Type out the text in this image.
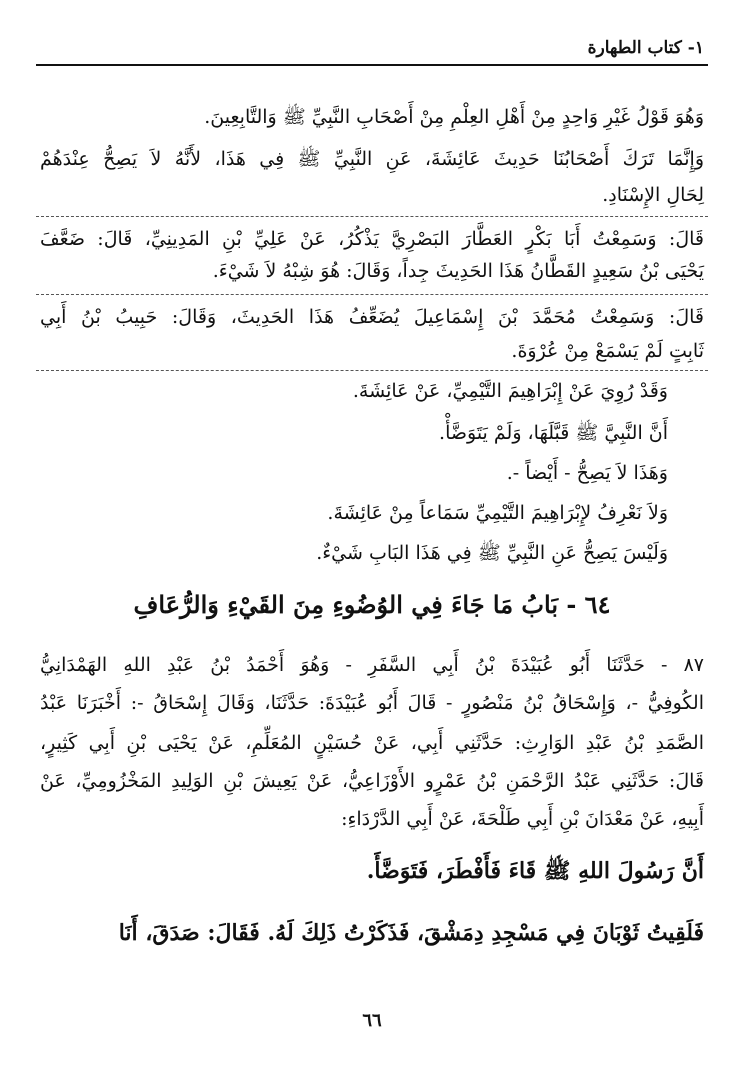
١- كتاب الطهارة
وَهُوَ قَوْلُ غَيْرِ وَاحِدٍ مِنْ أَهْلِ العِلْمِ مِنْ أَصْحَابِ النَّبِيِّ ﷺ وَالتَّابِعِينَ.
وَإِنَّمَا تَرَكَ أَصْحَابُنَا حَدِيثَ عَائِشَةَ، عَنِ النَّبِيِّ ﷺ فِي هَذَا، لأَنَّهُ لاَ يَصِحُّ عِنْدَهُمْ
لِحَالِ الإِسْنَادِ.
قَالَ: وَسَمِعْتُ أَبَا بَكْرٍ العَطَّارَ البَصْرِيَّ يَذْكُرُ، عَنْ عَلِيِّ بْنِ المَدِينِيِّ، قَالَ: ضَعَّفَ
يَحْيَى بْنُ سَعِيدٍ القَطَّانُ هَذَا الحَدِيثَ جِداً، وَقَالَ: هُوَ شِبْهُ لاَ شَيْءَ.
قَالَ: وَسَمِعْتُ مُحَمَّدَ بْنَ إِسْمَاعِيلَ يُضَعِّفُ هَذَا الحَدِيثَ، وَقَالَ: حَبِيبُ بْنُ أَبِي
ثَابِتٍ لَمْ يَسْمَعْ مِنْ عُرْوَةَ.
وَقَدْ رُوِيَ عَنْ إِبْرَاهِيمَ التَّيْمِيِّ، عَنْ عَائِشَةَ.
أَنَّ النَّبِيَّ ﷺ قَبَّلَهَا، وَلَمْ يَتَوَضَّأْ.
وَهَذَا لاَ يَصِحُّ - أَيْضاً -.
وَلاَ نَعْرِفُ لإِبْرَاهِيمَ التَّيْمِيِّ سَمَاعاً مِنْ عَائِشَةَ.
وَلَيْسَ يَصِحُّ عَنِ النَّبِيِّ ﷺ فِي هَذَا البَابِ شَيْءٌ.
٦٤ - بَابُ مَا جَاءَ فِي الوُضُوءِ مِنَ القَيْءِ وَالرُّعَافِ
٨٧ - حَدَّثَنَا أَبُو عُبَيْدَةَ بْنُ أَبِي السَّفَرِ - وَهُوَ أَحْمَدُ بْنُ عَبْدِ اللهِ الهَمْدَانِيُّ
الكُوفِيُّ -، وَإِسْحَاقُ بْنُ مَنْصُورٍ - قَالَ أَبُو عُبَيْدَةَ: حَدَّثَنَا، وَقَالَ إِسْحَاقُ -: أَخْبَرَنَا عَبْدُ
الصَّمَدِ بْنُ عَبْدِ الوَارِثِ: حَدَّثَنِي أَبِي، عَنْ حُسَيْنٍ المُعَلِّمِ، عَنْ يَحْيَى بْنِ أَبِي كَثِيرٍ،
قَالَ: حَدَّثَنِي عَبْدُ الرَّحْمَنِ بْنُ عَمْرٍو الأَوْزَاعِيُّ، عَنْ يَعِيشَ بْنِ الوَلِيدِ المَخْزُومِيِّ، عَنْ
أَبِيهِ، عَنْ مَعْدَانَ بْنِ أَبِي طَلْحَةَ، عَنْ أَبِي الدَّرْدَاءِ:
أَنَّ رَسُولَ اللهِ ﷺ قَاءَ فَأَفْطَرَ، فَتَوَضَّأَ.
فَلَقِيتُ ثَوْبَانَ فِي مَسْجِدِ دِمَشْقَ، فَذَكَرْتُ ذَلِكَ لَهُ. فَقَالَ: صَدَقَ، أَنَا
٦٦
